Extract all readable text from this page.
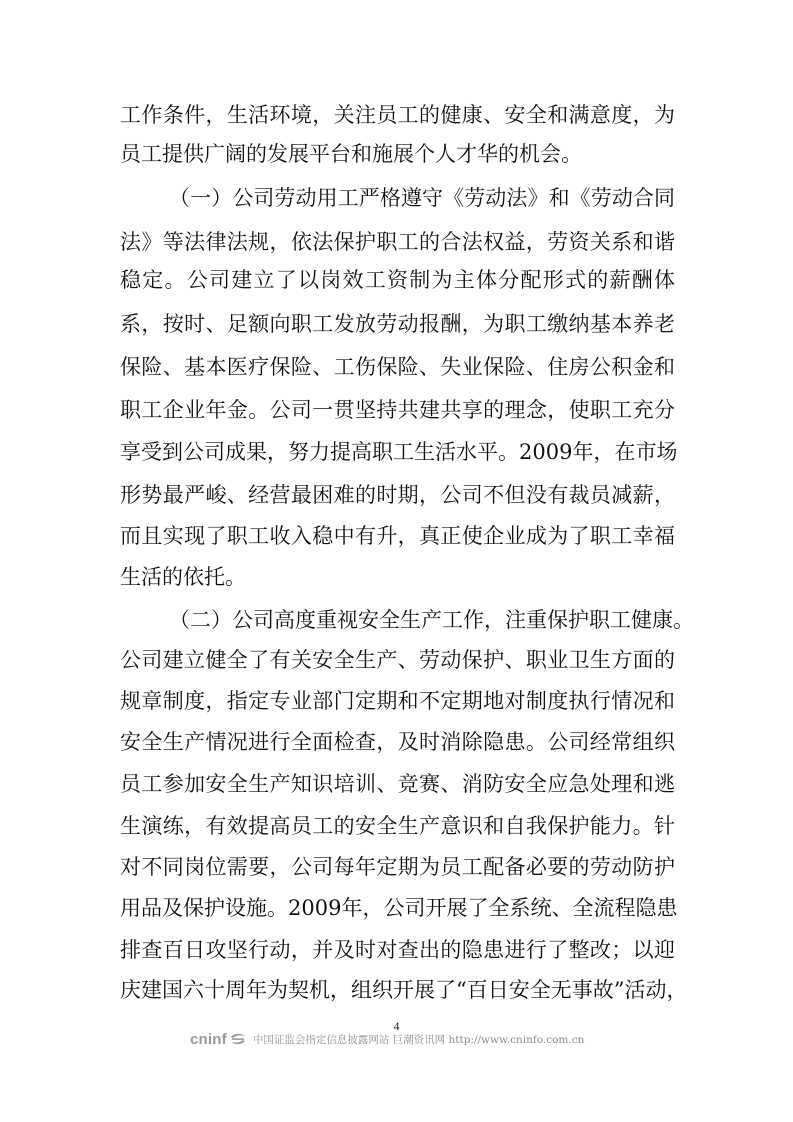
工作条件，生活环境，关注员工的健康、安全和满意度，为
员工提供广阔的发展平台和施展个人才华的机会。
（一）公司劳动用工严格遵守《劳动法》和《劳动合同
法》等法律法规，依法保护职工的合法权益，劳资关系和谐
稳定。公司建立了以岗效工资制为主体分配形式的薪酬体
系，按时、足额向职工发放劳动报酬，为职工缴纳基本养老
保险、基本医疗保险、工伤保险、失业保险、住房公积金和
职工企业年金。公司一贯坚持共建共享的理念，使职工充分
享受到公司成果，努力提高职工生活水平。2009年，在市场
形势最严峻、经营最困难的时期，公司不但没有裁员减薪，
而且实现了职工收入稳中有升，真正使企业成为了职工幸福
生活的依托。
（二）公司高度重视安全生产工作，注重保护职工健康。
公司建立健全了有关安全生产、劳动保护、职业卫生方面的
规章制度，指定专业部门定期和不定期地对制度执行情况和
安全生产情况进行全面检查，及时消除隐患。公司经常组织
员工参加安全生产知识培训、竞赛、消防安全应急处理和逃
生演练，有效提高员工的安全生产意识和自我保护能力。针
对不同岗位需要，公司每年定期为员工配备必要的劳动防护
用品及保护设施。2009年，公司开展了全系统、全流程隐患
排查百日攻坚行动，并及时对查出的隐患进行了整改；以迎
庆建国六十周年为契机，组织开展了“百日安全无事故”活动，
4
cninf 中国证监会指定信息披露网站 巨潮资讯网 http://www.cninfo.com.cn
